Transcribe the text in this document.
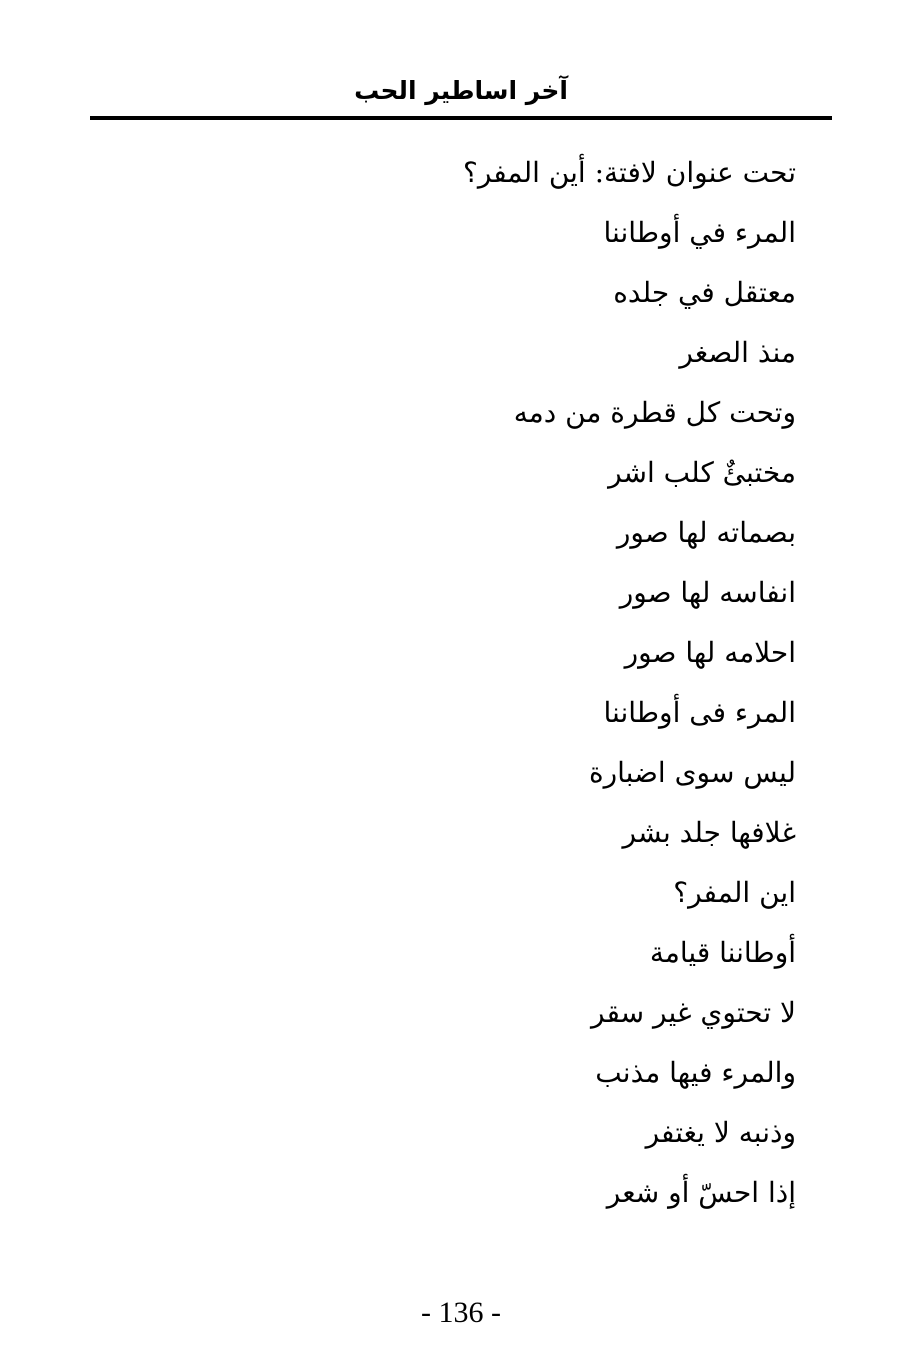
آخر اساطير الحب
تحت عنوان لافتة: أين المفر؟
المرء في أوطاننا
معتقل في جلده
منذ الصغر
وتحت كل قطرة من دمه
مختبئٌ كلب اشر
بصماته لها صور
انفاسه لها صور
احلامه لها صور
المرء فى أوطاننا
ليس سوى اضبارة
غلافها جلد بشر
اين المفر؟
أوطاننا قيامة
لا تحتوي غير سقر
والمرء فيها مذنب
وذنبه لا يغتفر
إذا احسّ أو شعر
- 136 -
